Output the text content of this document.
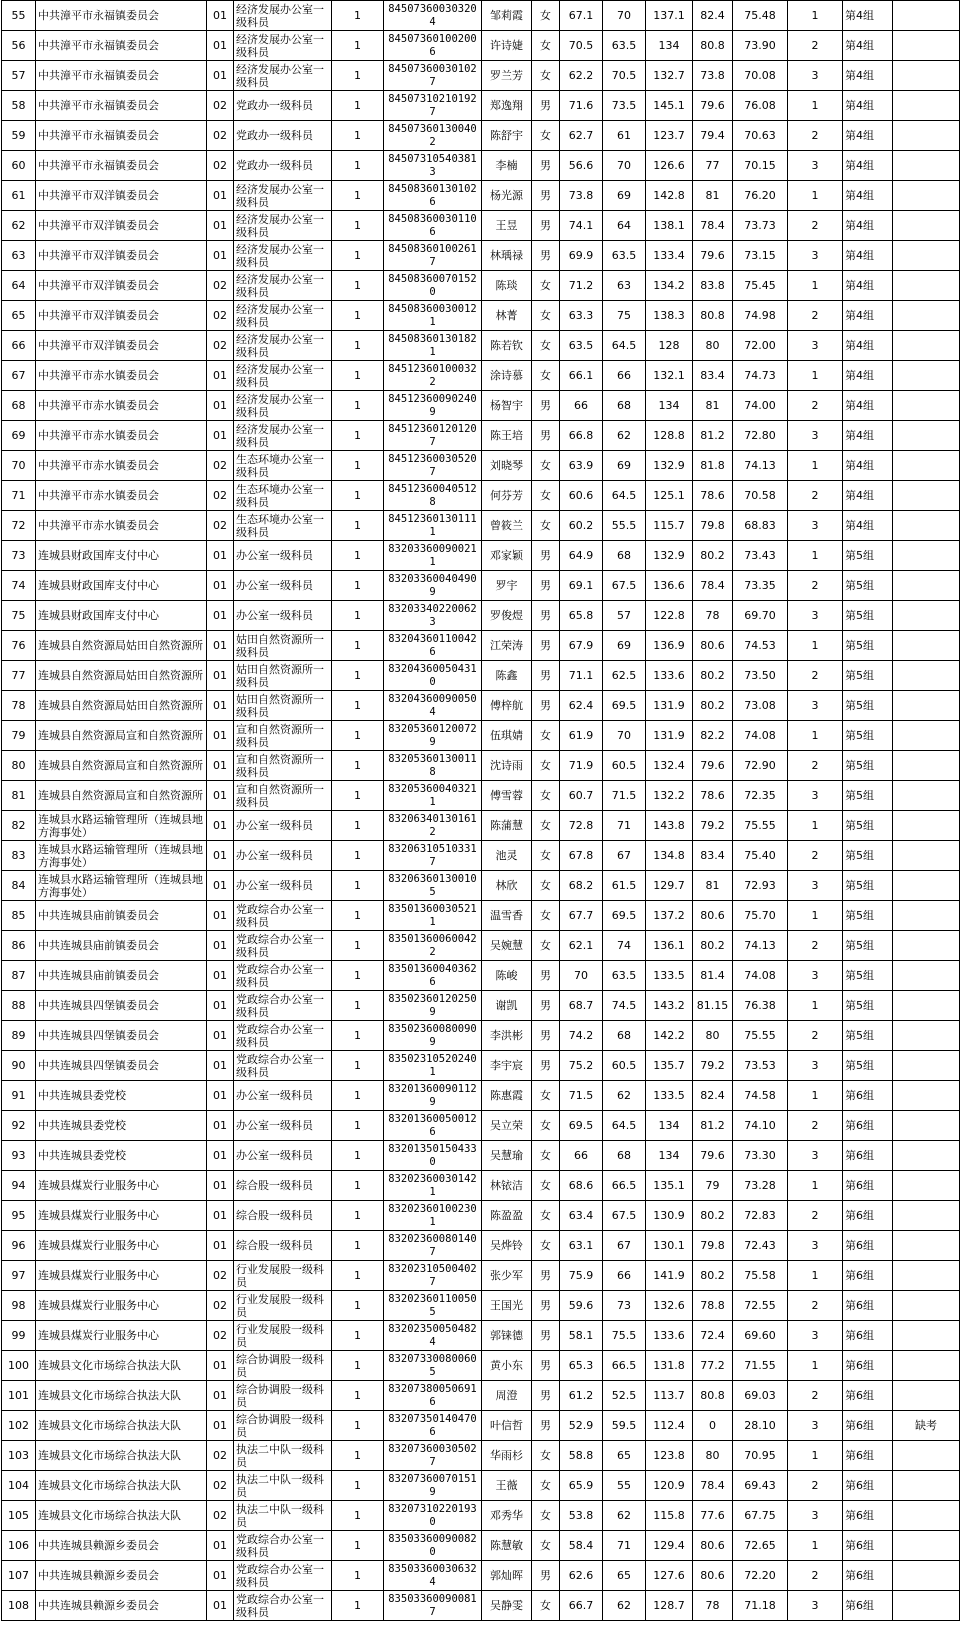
55	中共漳平市永福镇委员会	01	经济发展办公室一级科员	1	845073600303204	邹莉霞	女	67.1	70	137.1	82.4	75.48	1	第4组	
56	中共漳平市永福镇委员会	01	经济发展办公室一级科员	1	845073601002006	许诗婕	女	70.5	63.5	134	80.8	73.90	2	第4组	
57	中共漳平市永福镇委员会	01	经济发展办公室一级科员	1	845073600301027	罗兰芳	女	62.2	70.5	132.7	73.8	70.08	3	第4组	
58	中共漳平市永福镇委员会	02	党政办一级科员	1	845073102101927	郑逸翔	男	71.6	73.5	145.1	79.6	76.08	1	第4组	
59	中共漳平市永福镇委员会	02	党政办一级科员	1	845073601300402	陈舒宇	女	62.7	61	123.7	79.4	70.63	2	第4组	
60	中共漳平市永福镇委员会	02	党政办一级科员	1	845073105403813	李楠	男	56.6	70	126.6	77	70.15	3	第4组	
61	中共漳平市双洋镇委员会	01	经济发展办公室一级科员	1	845083601301026	杨光源	男	73.8	69	142.8	81	76.20	1	第4组	
62	中共漳平市双洋镇委员会	01	经济发展办公室一级科员	1	845083600301106	王昱	男	74.1	64	138.1	78.4	73.73	2	第4组	
63	中共漳平市双洋镇委员会	01	经济发展办公室一级科员	1	845083601002617	林瑀禄	男	69.9	63.5	133.4	79.6	73.15	3	第4组	
64	中共漳平市双洋镇委员会	02	经济发展办公室一级科员	1	845083600701520	陈琰	女	71.2	63	134.2	83.8	75.45	1	第4组	
65	中共漳平市双洋镇委员会	02	经济发展办公室一级科员	1	845083600300121	林菁	女	63.3	75	138.3	80.8	74.98	2	第4组	
66	中共漳平市双洋镇委员会	02	经济发展办公室一级科员	1	845083601301821	陈若钦	女	63.5	64.5	128	80	72.00	3	第4组	
67	中共漳平市赤水镇委员会	01	经济发展办公室一级科员	1	845123601000322	涂诗慕	女	66.1	66	132.1	83.4	74.73	1	第4组	
68	中共漳平市赤水镇委员会	01	经济发展办公室一级科员	1	845123600902409	杨智宇	男	66	68	134	81	74.00	2	第4组	
69	中共漳平市赤水镇委员会	01	经济发展办公室一级科员	1	845123601201207	陈王培	男	66.8	62	128.8	81.2	72.80	3	第4组	
70	中共漳平市赤水镇委员会	02	生态环境办公室一级科员	1	845123600305207	刘晓琴	女	63.9	69	132.9	81.8	74.13	1	第4组	
71	中共漳平市赤水镇委员会	02	生态环境办公室一级科员	1	845123600405128	何芬芳	女	60.6	64.5	125.1	78.6	70.58	2	第4组	
72	中共漳平市赤水镇委员会	02	生态环境办公室一级科员	1	845123601301111	曾筱兰	女	60.2	55.5	115.7	79.8	68.83	3	第4组	
73	连城县财政国库支付中心	01	办公室一级科员	1	832033600900211	邓家颖	男	64.9	68	132.9	80.2	73.43	1	第5组	
74	连城县财政国库支付中心	01	办公室一级科员	1	832033600404909	罗宇	男	69.1	67.5	136.6	78.4	73.35	2	第5组	
75	连城县财政国库支付中心	01	办公室一级科员	1	832033402200623	罗俊煜	男	65.8	57	122.8	78	69.70	3	第5组	
76	连城县自然资源局姑田自然资源所	01	姑田自然资源所一级科员	1	832043601100426	江荣涛	男	67.9	69	136.9	80.6	74.53	1	第5组	
77	连城县自然资源局姑田自然资源所	01	姑田自然资源所一级科员	1	832043600504310	陈鑫	男	71.1	62.5	133.6	80.2	73.50	2	第5组	
78	连城县自然资源局姑田自然资源所	01	姑田自然资源所一级科员	1	832043600900504	傅梓航	男	62.4	69.5	131.9	80.2	73.08	3	第5组	
79	连城县自然资源局宣和自然资源所	01	宣和自然资源所一级科员	1	832053601200729	伍琪婧	女	61.9	70	131.9	82.2	74.08	1	第5组	
80	连城县自然资源局宣和自然资源所	01	宣和自然资源所一级科员	1	832053601300118	沈诗雨	女	71.9	60.5	132.4	79.6	72.90	2	第5组	
81	连城县自然资源局宣和自然资源所	01	宣和自然资源所一级科员	1	832053600403211	傅雪蓉	女	60.7	71.5	132.2	78.6	72.35	3	第5组	
82	连城县水路运输管理所（连城县地方海事处）	01	办公室一级科员	1	832063401301612	陈蒲慧	女	72.8	71	143.8	79.2	75.55	1	第5组	
83	连城县水路运输管理所（连城县地方海事处）	01	办公室一级科员	1	832063105103317	池灵	女	67.8	67	134.8	83.4	75.40	2	第5组	
84	连城县水路运输管理所（连城县地方海事处）	01	办公室一级科员	1	832063601300105	林欣	女	68.2	61.5	129.7	81	72.93	3	第5组	
85	中共连城县庙前镇委员会	01	党政综合办公室一级科员	1	835013600305211	温雪香	女	67.7	69.5	137.2	80.6	75.70	1	第5组	
86	中共连城县庙前镇委员会	01	党政综合办公室一级科员	1	835013600600422	吴婉慧	女	62.1	74	136.1	80.2	74.13	2	第5组	
87	中共连城县庙前镇委员会	01	党政综合办公室一级科员	1	835013600403626	陈峻	男	70	63.5	133.5	81.4	74.08	3	第5组	
88	中共连城县四堡镇委员会	01	党政综合办公室一级科员	1	835023601202509	谢凯	男	68.7	74.5	143.2	81.15	76.38	1	第5组	
89	中共连城县四堡镇委员会	01	党政综合办公室一级科员	1	835023600800909	李洪彬	男	74.2	68	142.2	80	75.55	2	第5组	
90	中共连城县四堡镇委员会	01	党政综合办公室一级科员	1	835023105202401	李宇宸	男	75.2	60.5	135.7	79.2	73.53	3	第5组	
91	中共连城县委党校	01	办公室一级科员	1	832013600901129	陈惠霞	女	71.5	62	133.5	82.4	74.58	1	第6组	
92	中共连城县委党校	01	办公室一级科员	1	832013600500126	吴立荣	女	69.5	64.5	134	81.2	74.10	2	第6组	
93	中共连城县委党校	01	办公室一级科员	1	832013501504330	吴慧瑜	女	66	68	134	79.6	73.30	3	第6组	
94	连城县煤炭行业服务中心	01	综合股一级科员	1	832023600301421	林铱洁	女	68.6	66.5	135.1	79	73.28	1	第6组	
95	连城县煤炭行业服务中心	01	综合股一级科员	1	832023601002301	陈盈盈	女	63.4	67.5	130.9	80.2	72.83	2	第6组	
96	连城县煤炭行业服务中心	01	综合股一级科员	1	832023600801407	吴烨铃	女	63.1	67	130.1	79.8	72.43	3	第6组	
97	连城县煤炭行业服务中心	02	行业发展股一级科员	1	832023105004027	张少军	男	75.9	66	141.9	80.2	75.58	1	第6组	
98	连城县煤炭行业服务中心	02	行业发展股一级科员	1	832023601100505	王国光	男	59.6	73	132.6	78.8	72.55	2	第6组	
99	连城县煤炭行业服务中心	02	行业发展股一级科员	1	832023500504824	郭铼德	男	58.1	75.5	133.6	72.4	69.60	3	第6组	
100	连城县文化市场综合执法大队	01	综合协调股一级科员	1	832073300800605	黄小东	男	65.3	66.5	131.8	77.2	71.55	1	第6组	
101	连城县文化市场综合执法大队	01	综合协调股一级科员	1	832073800506916	周澄	男	61.2	52.5	113.7	80.8	69.03	2	第6组	
102	连城县文化市场综合执法大队	01	综合协调股一级科员	1	832073501404706	叶信哲	男	52.9	59.5	112.4	0	28.10	3	第6组	缺考
103	连城县文化市场综合执法大队	02	执法二中队一级科员	1	832073600305027	华雨杉	女	58.8	65	123.8	80	70.95	1	第6组	
104	连城县文化市场综合执法大队	02	执法二中队一级科员	1	832073600701519	王薇	女	65.9	55	120.9	78.4	69.43	2	第6组	
105	连城县文化市场综合执法大队	02	执法二中队一级科员	1	832073102201930	邓秀华	女	53.8	62	115.8	77.6	67.75	3	第6组	
106	中共连城县赖源乡委员会	01	党政综合办公室一级科员	1	835033600900820	陈慧敏	女	58.4	71	129.4	80.6	72.65	1	第6组	
107	中共连城县赖源乡委员会	01	党政综合办公室一级科员	1	835033600306324	郭灿晖	男	62.6	65	127.6	80.6	72.20	2	第6组	
108	中共连城县赖源乡委员会	01	党政综合办公室一级科员	1	835033600900817	吴静雯	女	66.7	62	128.7	78	71.18	3	第6组	
